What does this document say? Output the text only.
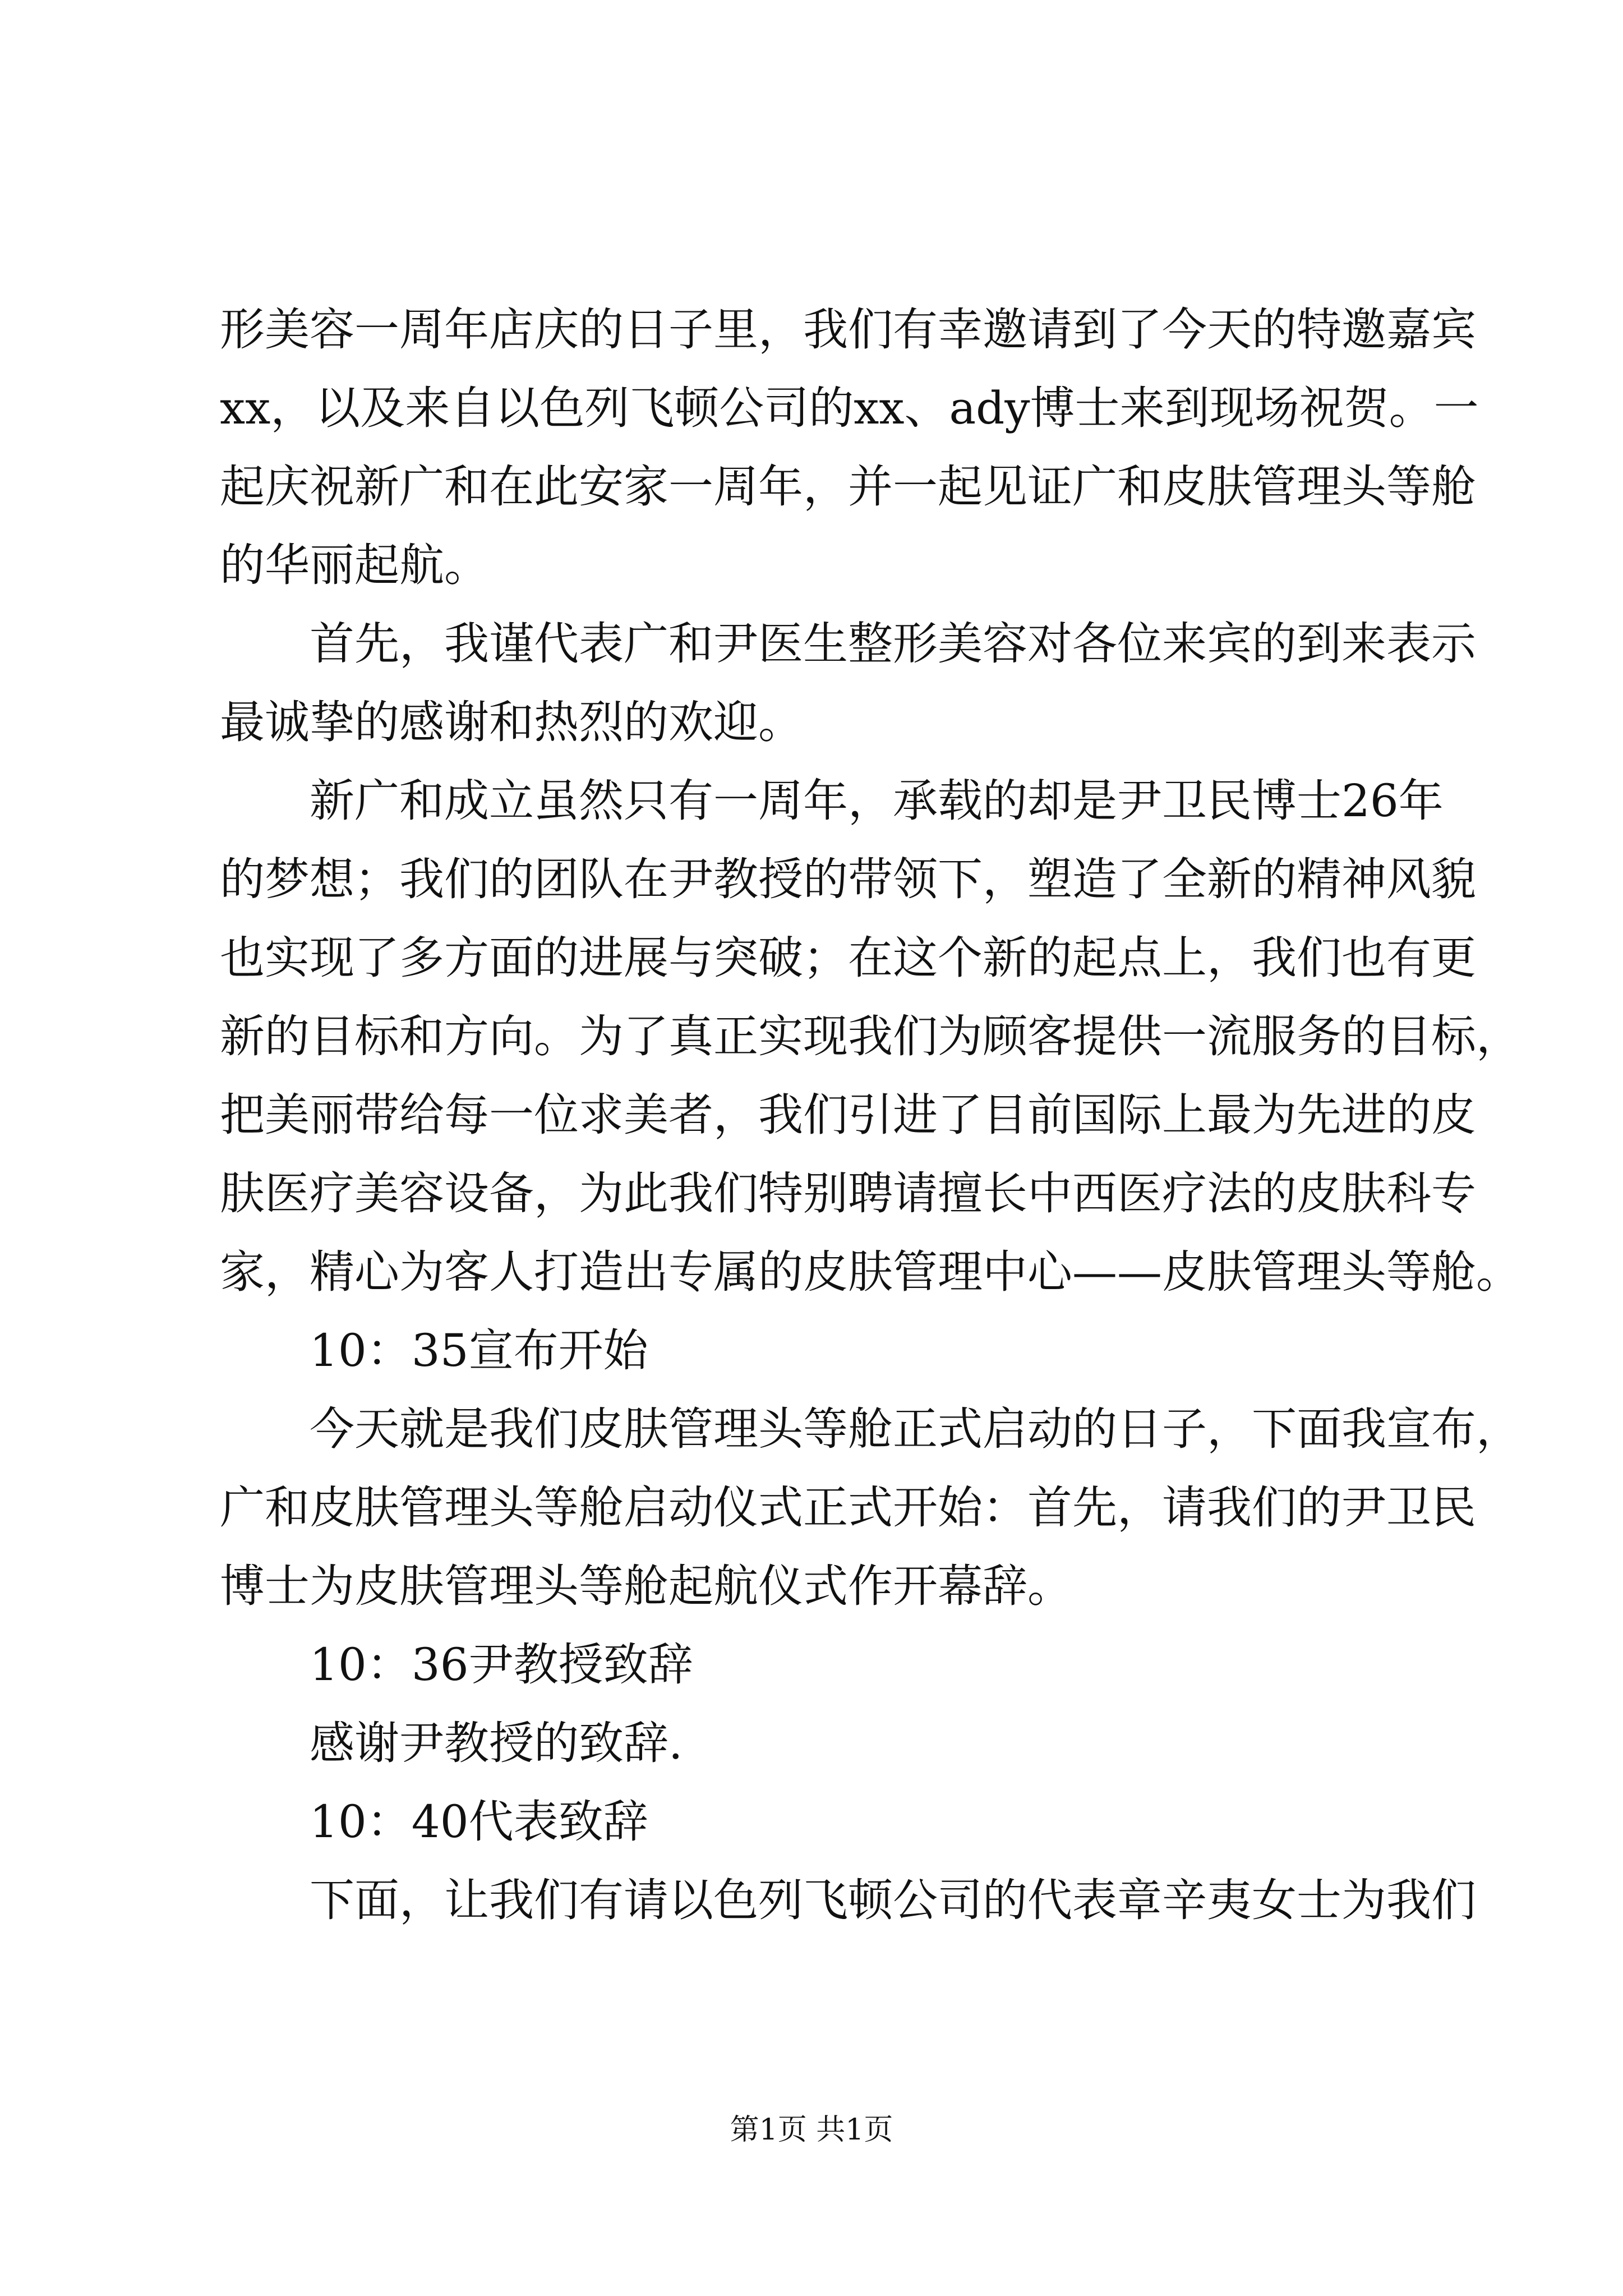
形美容一周年店庆的日子里，我们有幸邀请到了今天的特邀嘉宾
xx，以及来自以色列飞顿公司的xx、ady博士来到现场祝贺。一
起庆祝新广和在此安家一周年，并一起见证广和皮肤管理头等舱
的华丽起航。
首先，我谨代表广和尹医生整形美容对各位来宾的到来表示
最诚挚的感谢和热烈的欢迎。
新广和成立虽然只有一周年，承载的却是尹卫民博士26年
的梦想；我们的团队在尹教授的带领下，塑造了全新的精神风貌
也实现了多方面的进展与突破；在这个新的起点上，我们也有更
新的目标和方向。为了真正实现我们为顾客提供一流服务的目标，
把美丽带给每一位求美者，我们引进了目前国际上最为先进的皮
肤医疗美容设备，为此我们特别聘请擅长中西医疗法的皮肤科专
家，精心为客人打造出专属的皮肤管理中心——皮肤管理头等舱。
10：35宣布开始
今天就是我们皮肤管理头等舱正式启动的日子，下面我宣布，
广和皮肤管理头等舱启动仪式正式开始：首先，请我们的尹卫民
博士为皮肤管理头等舱起航仪式作开幕辞。
10：36尹教授致辞
感谢尹教授的致辞.
10：40代表致辞
下面，让我们有请以色列飞顿公司的代表章辛夷女士为我们
第1页 共1页
